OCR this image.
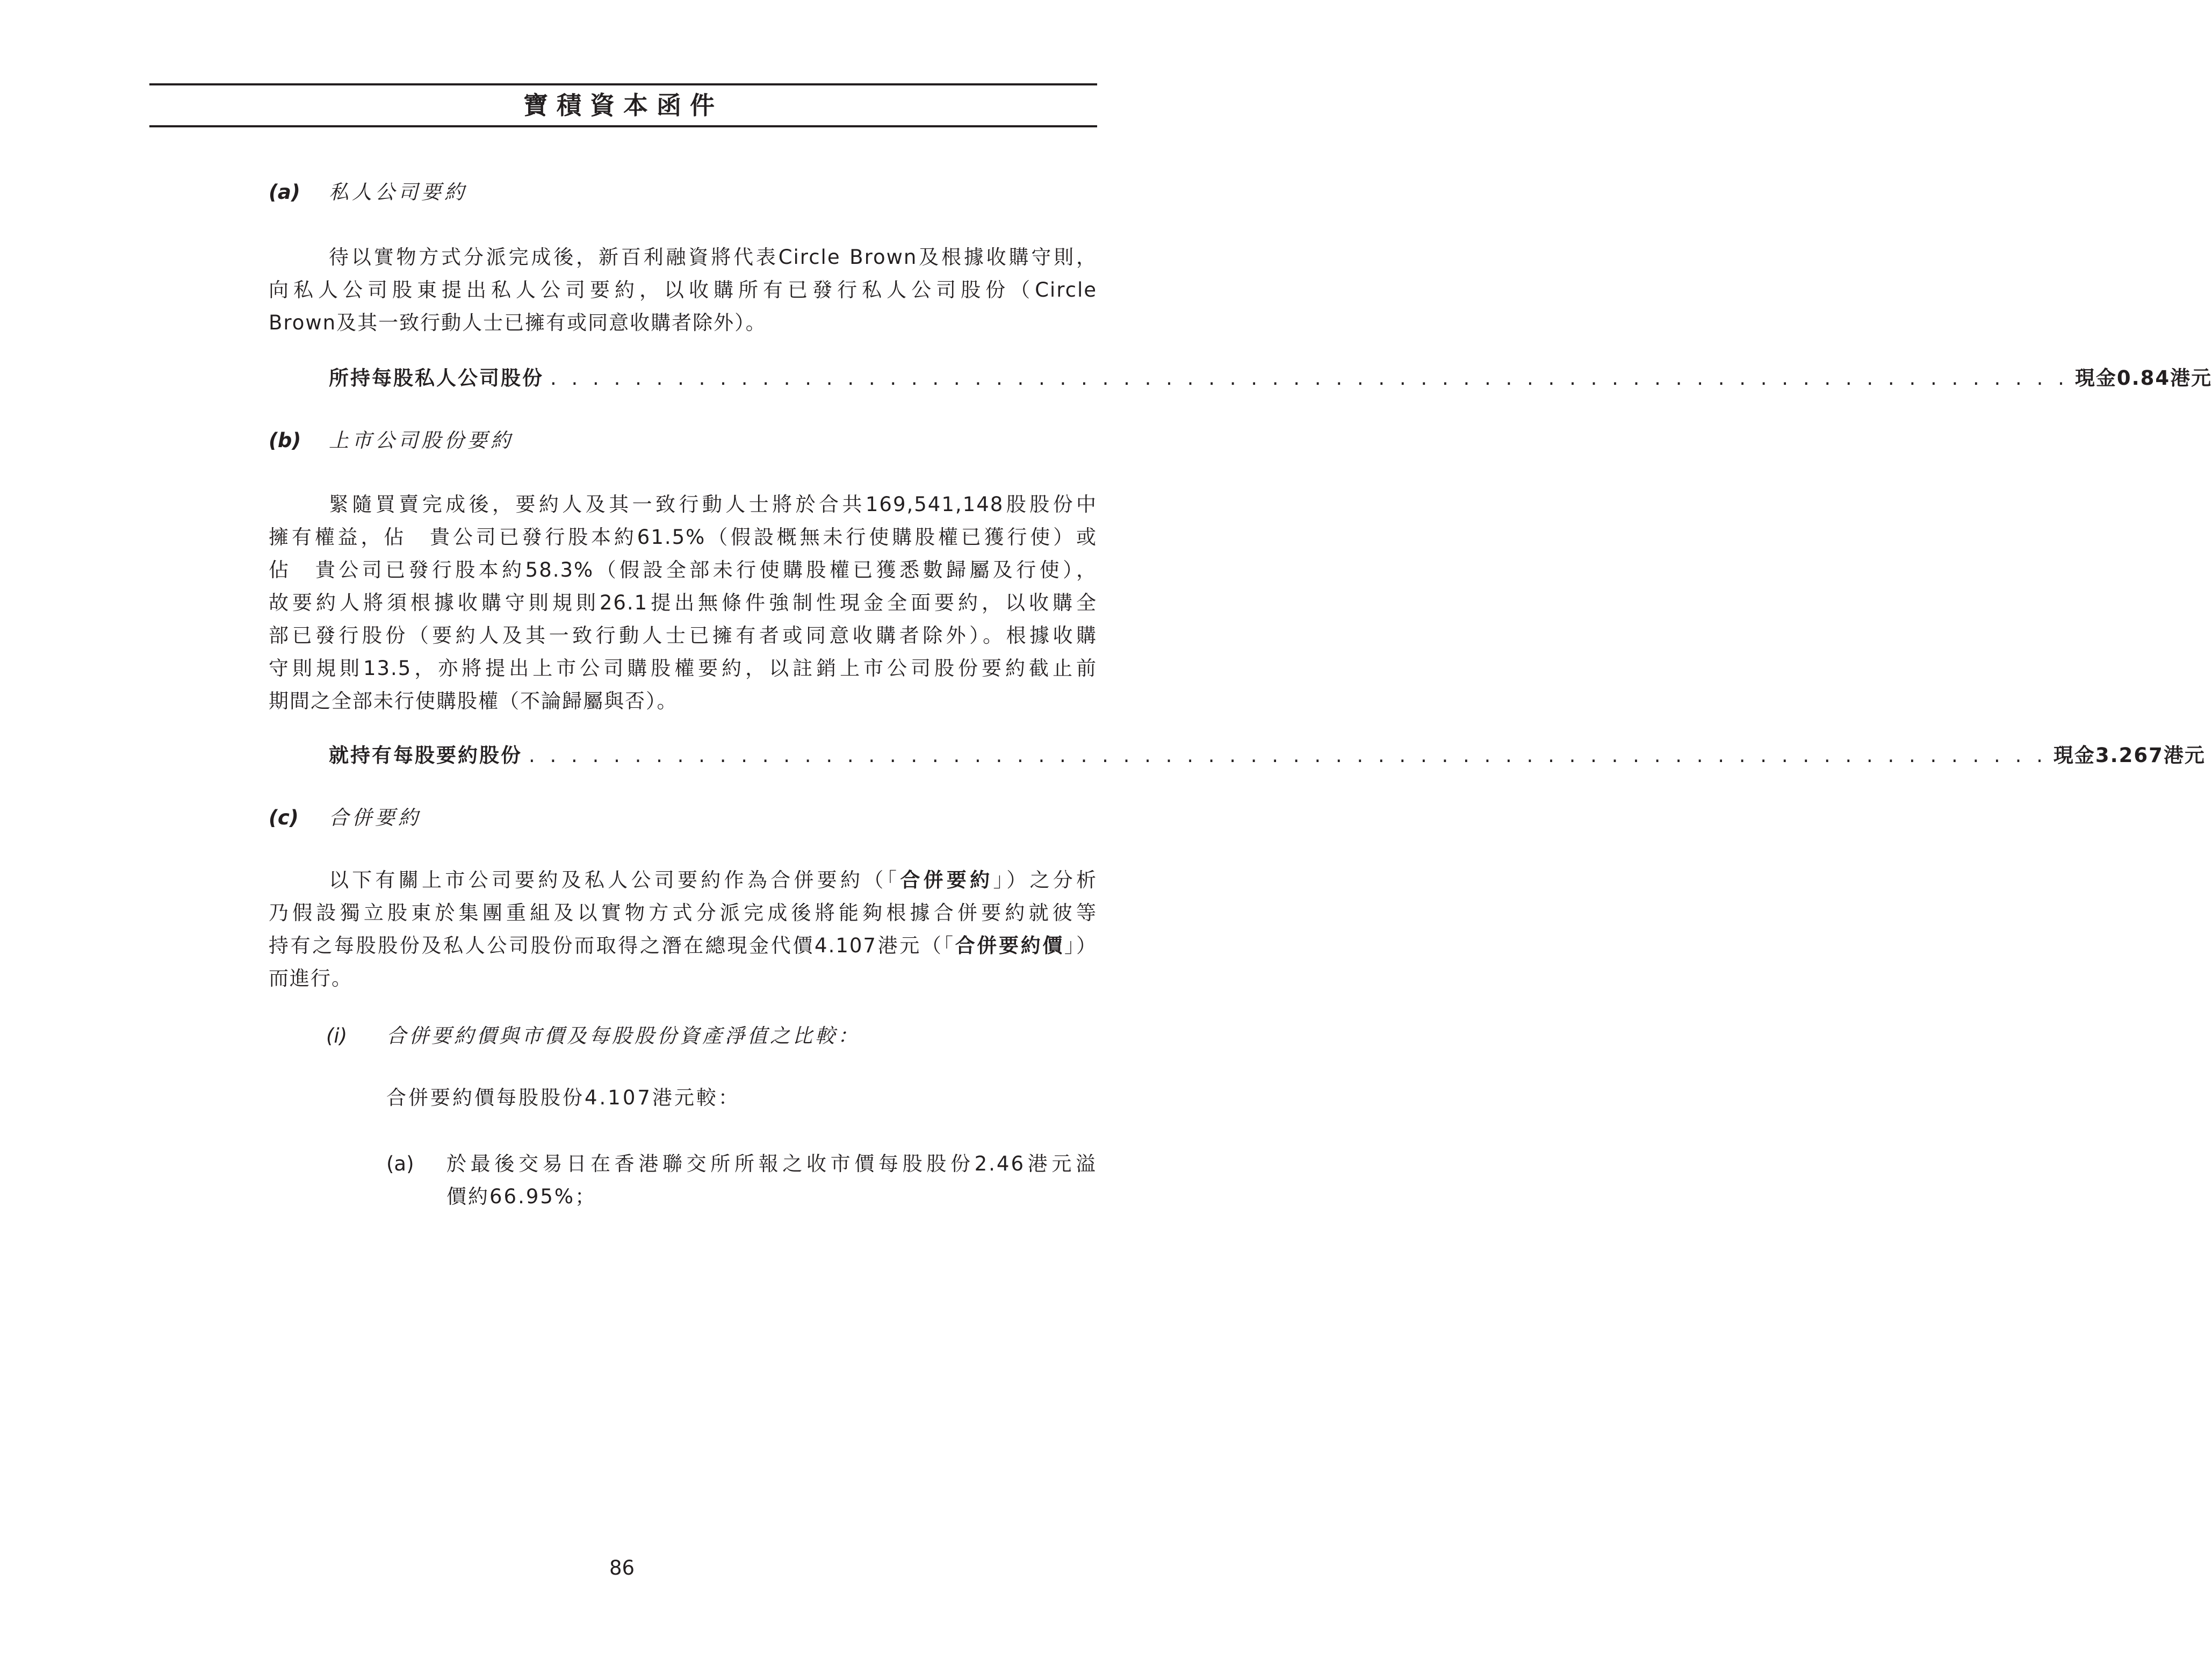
寶積資本函件
(a) 私人公司要約
待以實物方式分派完成後，新百利融資將代表Circle Brown及根據收購守則，
向私人公司股東提出私人公司要約，以收購所有已發行私人公司股份（Circle
Brown及其一致行動人士已擁有或同意收購者除外）。
所持每股私人公司股份 . . . . . . . . . . . . . . . . . . . . . . . . . . . . . . . . . . . . . . . . . . . . . . . . . . . . . . . . . . . . . . . . . . . . . . . . 現金0.84港元
(b) 上市公司股份要約
緊隨買賣完成後，要約人及其一致行動人士將於合共169,541,148股股份中
擁有權益，佔　貴公司已發行股本約61.5%（假設概無未行使購股權已獲行使）或
佔　貴公司已發行股本約58.3%（假設全部未行使購股權已獲悉數歸屬及行使），
故要約人將須根據收購守則規則26.1提出無條件強制性現金全面要約，以收購全
部已發行股份（要約人及其一致行動人士已擁有者或同意收購者除外）。根據收購
守則規則13.5，亦將提出上市公司購股權要約，以註銷上市公司股份要約截止前
期間之全部未行使購股權（不論歸屬與否）。
就持有每股要約股份 . . . . . . . . . . . . . . . . . . . . . . . . . . . . . . . . . . . . . . . . . . . . . . . . . . . . . . . . . . . . . . . . . . . . . . . . 現金3.267港元
(c) 合併要約
以下有關上市公司要約及私人公司要約作為合併要約（「合併要約」）之分析
乃假設獨立股東於集團重組及以實物方式分派完成後將能夠根據合併要約就彼等
持有之每股股份及私人公司股份而取得之潛在總現金代價4.107港元（「合併要約價」）
而進行。
(i) 合併要約價與市價及每股股份資產淨值之比較：
合併要約價每股股份4.107港元較：
(a) 於最後交易日在香港聯交所所報之收市價每股股份2.46港元溢
價約66.95%；
86
